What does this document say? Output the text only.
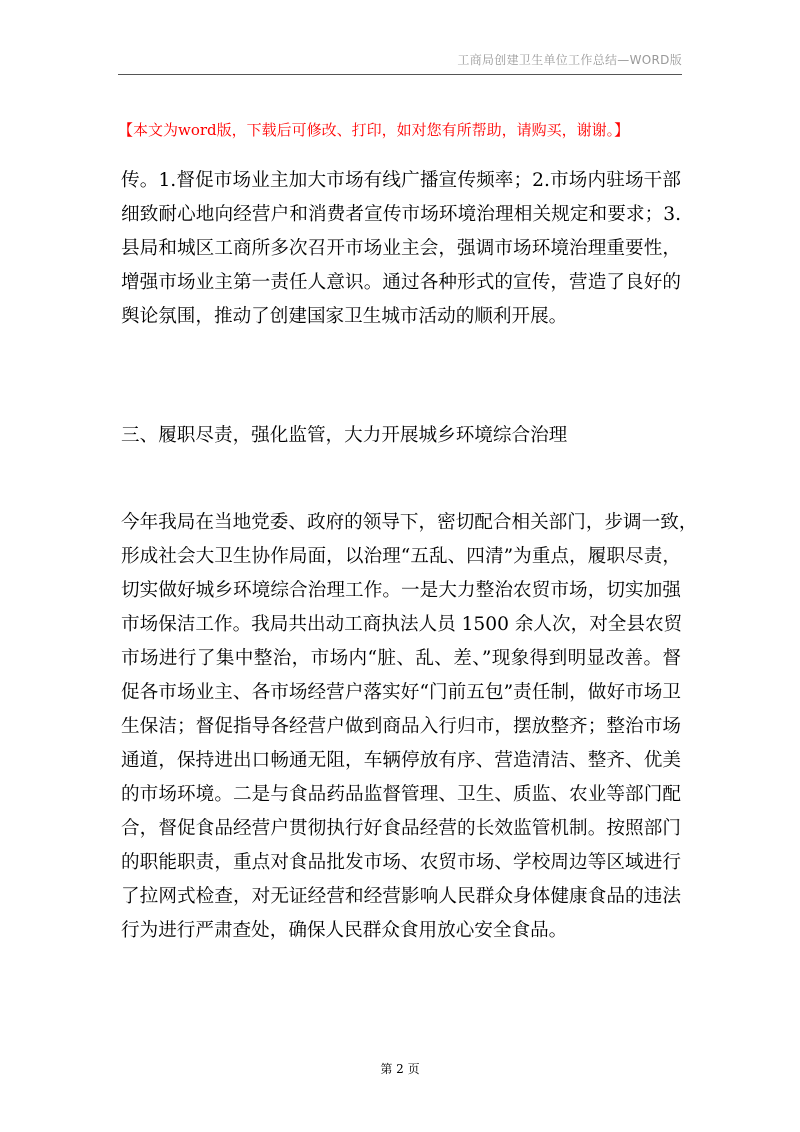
工商局创建卫生单位工作总结—WORD版
【本文为word版，下载后可修改、打印，如对您有所帮助，请购买，谢谢。】
传。1.督促市场业主加大市场有线广播宣传频率；2.市场内驻场干部
细致耐心地向经营户和消费者宣传市场环境治理相关规定和要求；3.
县局和城区工商所多次召开市场业主会，强调市场环境治理重要性，
增强市场业主第一责任人意识。通过各种形式的宣传，营造了良好的
舆论氛围，推动了创建国家卫生城市活动的顺利开展。
三、履职尽责，强化监管，大力开展城乡环境综合治理
今年我局在当地党委、政府的领导下，密切配合相关部门，步调一致，
形成社会大卫生协作局面，以治理“五乱、四清”为重点，履职尽责，
切实做好城乡环境综合治理工作。一是大力整治农贸市场，切实加强
市场保洁工作。我局共出动工商执法人员 1500 余人次，对全县农贸
市场进行了集中整治，市场内“脏、乱、差、”现象得到明显改善。督
促各市场业主、各市场经营户落实好“门前五包”责任制，做好市场卫
生保洁；督促指导各经营户做到商品入行归市，摆放整齐；整治市场
通道，保持进出口畅通无阻，车辆停放有序、营造清洁、整齐、优美
的市场环境。二是与食品药品监督管理、卫生、质监、农业等部门配
合，督促食品经营户贯彻执行好食品经营的长效监管机制。按照部门
的职能职责，重点对食品批发市场、农贸市场、学校周边等区域进行
了拉网式检查，对无证经营和经营影响人民群众身体健康食品的违法
行为进行严肃查处，确保人民群众食用放心安全食品。
第 2 页
